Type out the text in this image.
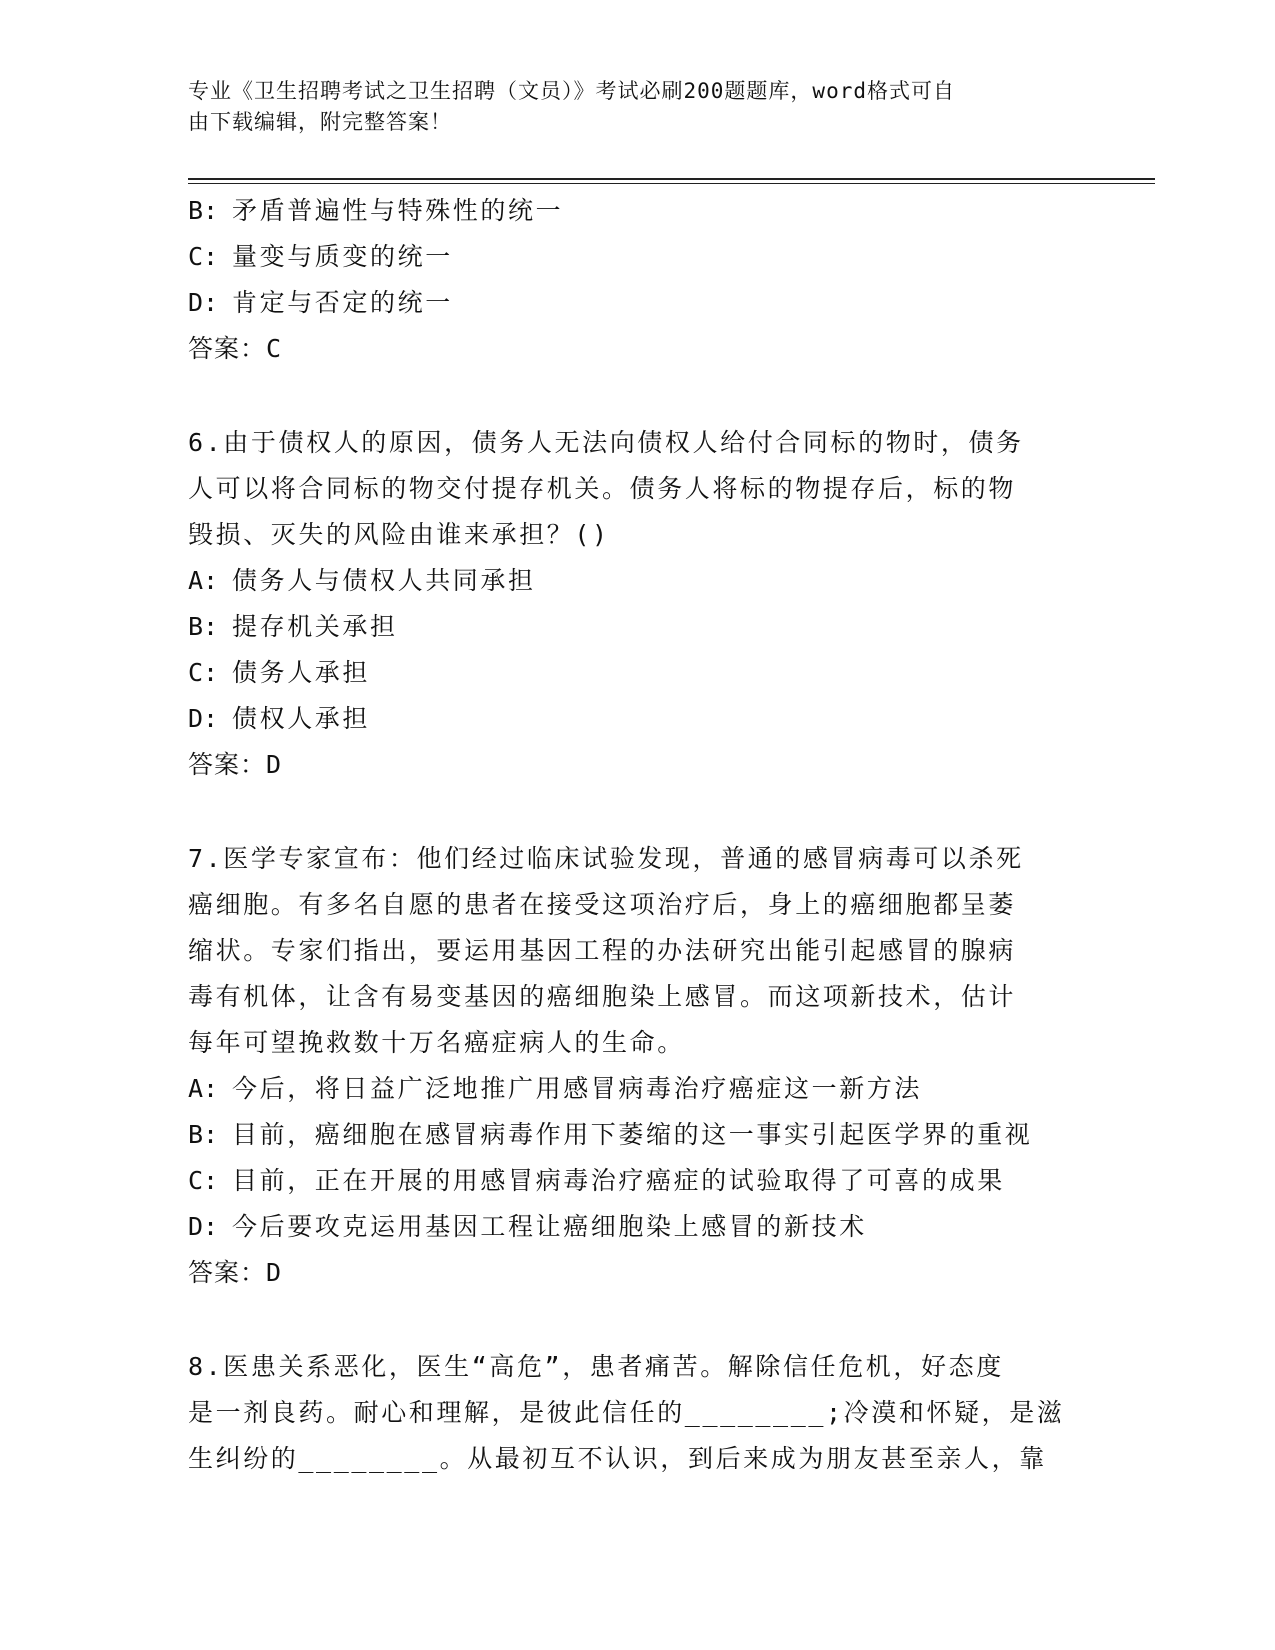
专业《卫生招聘考试之卫生招聘（文员）》考试必刷200题题库，word格式可自
由下载编辑，附完整答案！
B: 矛盾普遍性与特殊性的统一
C: 量变与质变的统一
D: 肯定与否定的统一
答案：C
6.由于债权人的原因，债务人无法向债权人给付合同标的物时，债务
人可以将合同标的物交付提存机关。债务人将标的物提存后，标的物
毁损、灭失的风险由谁来承担？()
A: 债务人与债权人共同承担
B: 提存机关承担
C: 债务人承担
D: 债权人承担
答案：D
7.医学专家宣布：他们经过临床试验发现，普通的感冒病毒可以杀死
癌细胞。有多名自愿的患者在接受这项治疗后，身上的癌细胞都呈萎
缩状。专家们指出，要运用基因工程的办法研究出能引起感冒的腺病
毒有机体，让含有易变基因的癌细胞染上感冒。而这项新技术，估计
每年可望挽救数十万名癌症病人的生命。
A: 今后，将日益广泛地推广用感冒病毒治疗癌症这一新方法
B: 目前，癌细胞在感冒病毒作用下萎缩的这一事实引起医学界的重视
C: 目前，正在开展的用感冒病毒治疗癌症的试验取得了可喜的成果
D: 今后要攻克运用基因工程让癌细胞染上感冒的新技术
答案：D
8.医患关系恶化，医生“高危”，患者痛苦。解除信任危机，好态度
是一剂良药。耐心和理解，是彼此信任的________;冷漠和怀疑，是滋
生纠纷的________。从最初互不认识，到后来成为朋友甚至亲人，靠
